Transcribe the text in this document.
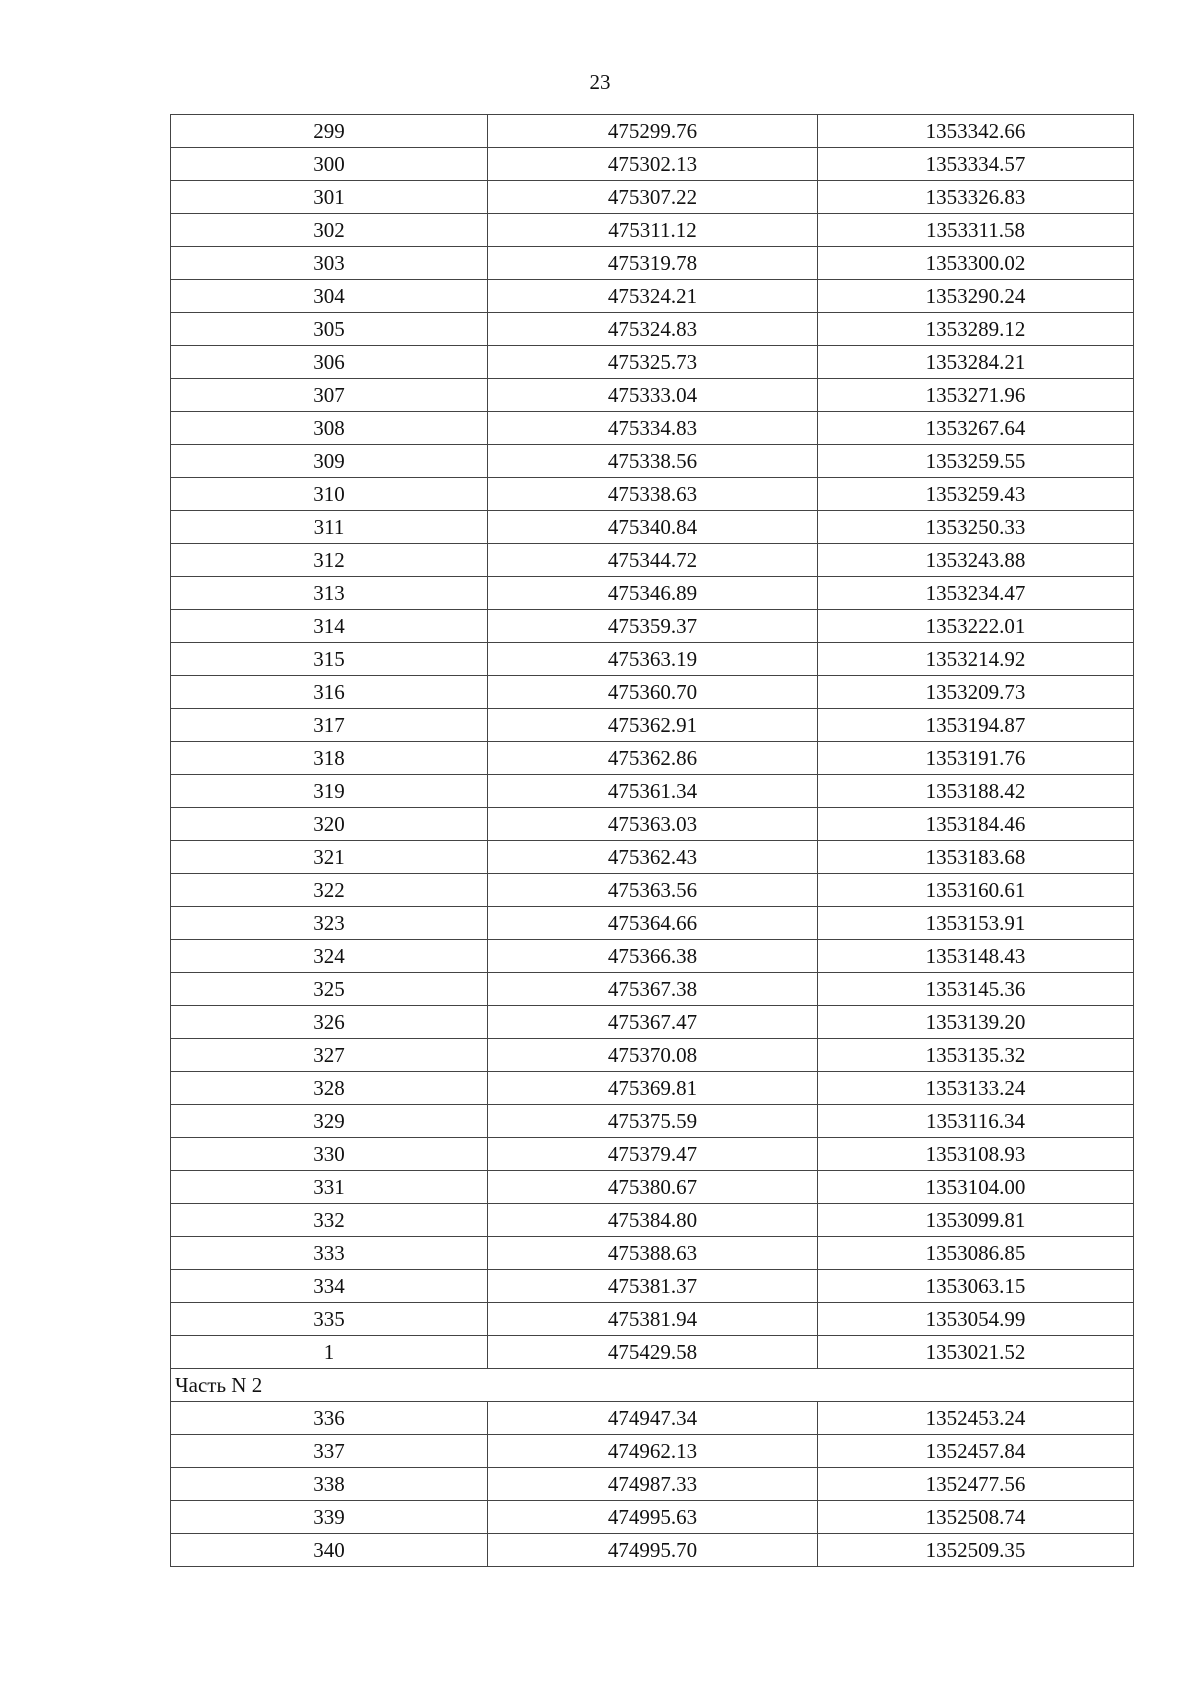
23
299	475299.76	1353342.66
300	475302.13	1353334.57
301	475307.22	1353326.83
302	475311.12	1353311.58
303	475319.78	1353300.02
304	475324.21	1353290.24
305	475324.83	1353289.12
306	475325.73	1353284.21
307	475333.04	1353271.96
308	475334.83	1353267.64
309	475338.56	1353259.55
310	475338.63	1353259.43
311	475340.84	1353250.33
312	475344.72	1353243.88
313	475346.89	1353234.47
314	475359.37	1353222.01
315	475363.19	1353214.92
316	475360.70	1353209.73
317	475362.91	1353194.87
318	475362.86	1353191.76
319	475361.34	1353188.42
320	475363.03	1353184.46
321	475362.43	1353183.68
322	475363.56	1353160.61
323	475364.66	1353153.91
324	475366.38	1353148.43
325	475367.38	1353145.36
326	475367.47	1353139.20
327	475370.08	1353135.32
328	475369.81	1353133.24
329	475375.59	1353116.34
330	475379.47	1353108.93
331	475380.67	1353104.00
332	475384.80	1353099.81
333	475388.63	1353086.85
334	475381.37	1353063.15
335	475381.94	1353054.99
1	475429.58	1353021.52
Часть N 2		
336	474947.34	1352453.24
337	474962.13	1352457.84
338	474987.33	1352477.56
339	474995.63	1352508.74
340	474995.70	1352509.35
